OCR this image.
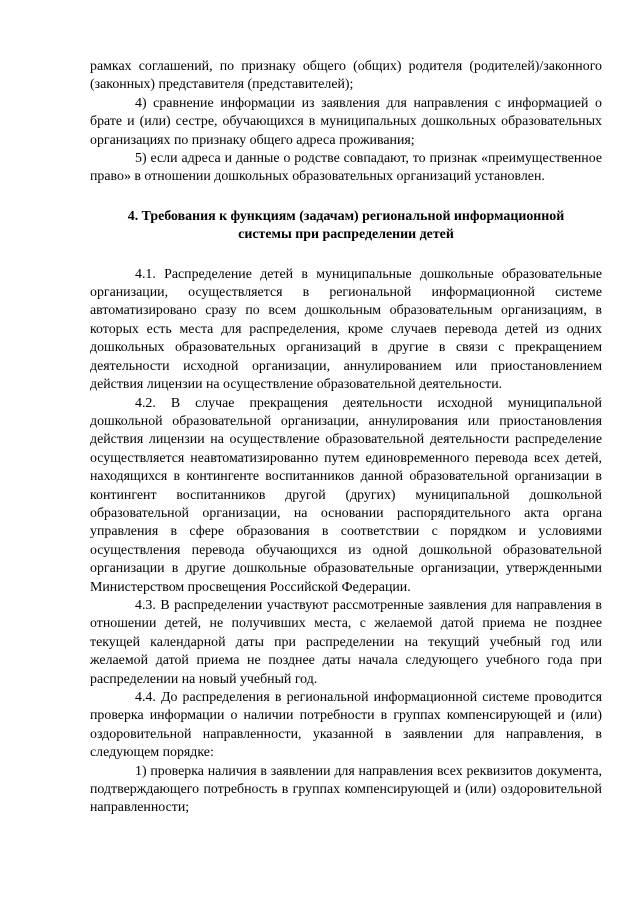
рамках соглашений, по признаку общего (общих) родителя (родителей)/законного (законных) представителя (представителей);

4) сравнение информации из заявления для направления с информацией о брате и (или) сестре, обучающихся в муниципальных дошкольных образовательных организациях по признаку общего адреса проживания;

5) если адреса и данные о родстве совпадают, то признак «преимущественное право» в отношении дошкольных образовательных организаций установлен.

4. Требования к функциям (задачам) региональной информационной системы при распределении детей

4.1. Распределение детей в муниципальные дошкольные образовательные организации, осуществляется в региональной информационной системе автоматизировано сразу по всем дошкольным образовательным организациям, в которых есть места для распределения, кроме случаев перевода детей из одних дошкольных образовательных организаций в другие в связи с прекращением деятельности исходной организации, аннулированием или приостановлением действия лицензии на осуществление образовательной деятельности.

4.2. В случае прекращения деятельности исходной муниципальной дошкольной образовательной организации, аннулирования или приостановления действия лицензии на осуществление образовательной деятельности распределение осуществляется неавтоматизированно путем единовременного перевода всех детей, находящихся в контингенте воспитанников данной образовательной организации в контингент воспитанников другой (других) муниципальной дошкольной образовательной организации, на основании распорядительного акта органа управления в сфере образования в соответствии с порядком и условиями осуществления перевода обучающихся из одной дошкольной образовательной организации в другие дошкольные образовательные организации, утвержденными Министерством просвещения Российской Федерации.

4.3. В распределении участвуют рассмотренные заявления для направления в отношении детей, не получивших места, с желаемой датой приема не позднее текущей календарной даты при распределении на текущий учебный год или желаемой датой приема не позднее даты начала следующего учебного года при распределении на новый учебный год.

4.4. До распределения в региональной информационной системе проводится проверка информации о наличии потребности в группах компенсирующей и (или) оздоровительной направленности, указанной в заявлении для направления, в следующем порядке:

1) проверка наличия в заявлении для направления всех реквизитов документа, подтверждающего потребность в группах компенсирующей и (или) оздоровительной направленности;
